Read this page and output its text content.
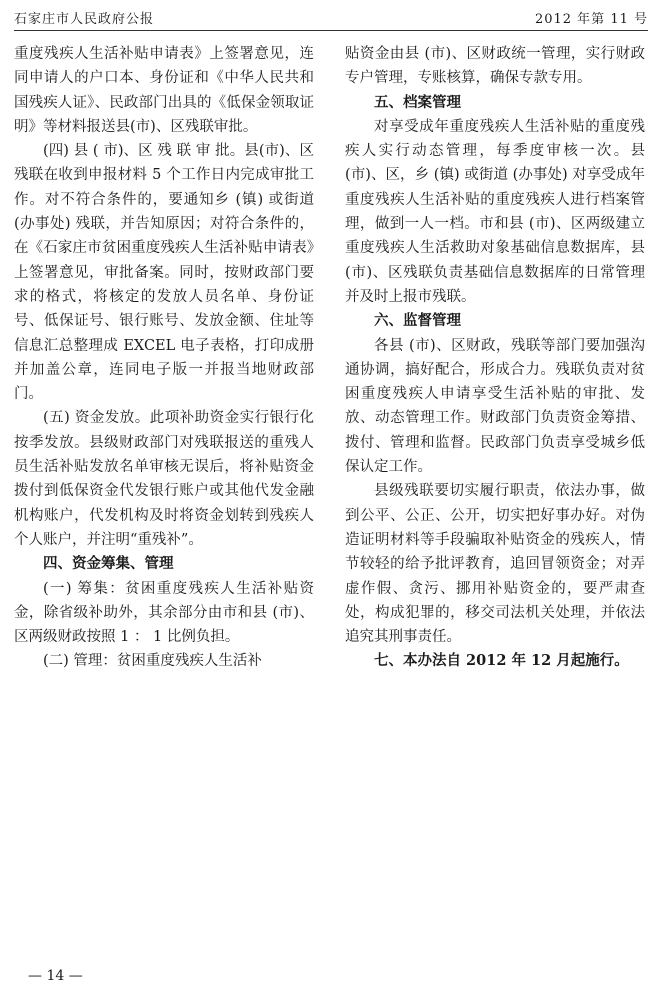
石家庄市人民政府公报	2012 年第 11 号

重度残疾人生活补贴申请表》上签署意见，连同申请人的户口本、身份证和《中华人民共和国残疾人证》、民政部门出具的《低保金领取证明》等材料报送县(市)、区残联审批。

(四) 县 ( 市)、区 残 联 审 批。县(市)、区残联在收到申报材料 5 个工作日内完成审批工作。对不符合条件的，要通知乡 (镇) 或街道 (办事处) 残联，并告知原因；对符合条件的，在《石家庄市贫困重度残疾人生活补贴申请表》上签署意见，审批备案。同时，按财政部门要求的格式，将核定的发放人员名单、身份证号、低保证号、银行账号、发放金额、住址等信息汇总整理成 EXCEL 电子表格，打印成册并加盖公章，连同电子版一并报当地财政部门。

(五) 资金发放。此项补助资金实行银行化按季发放。县级财政部门对残联报送的重残人员生活补贴发放名单审核无误后，将补贴资金拨付到低保资金代发银行账户或其他代发金融机构账户，代发机构及时将资金划转到残疾人个人账户，并注明“重残补”。

四、资金筹集、管理

(一) 筹集：贫困重度残疾人生活补贴资金，除省级补助外，其余部分由市和县 (市)、区两级财政按照 1 ： 1 比例负担。

(二) 管理：贫困重度残疾人生活补

贴资金由县 (市)、区财政统一管理，实行财政专户管理，专账核算，确保专款专用。

五、档案管理

对享受成年重度残疾人生活补贴的重度残疾人实行动态管理，每季度审核一次。县 (市)、区，乡 (镇) 或街道 (办事处) 对享受成年重度残疾人生活补贴的重度残疾人进行档案管理，做到一人一档。市和县 (市)、区两级建立重度残疾人生活救助对象基础信息数据库，县(市)、区残联负责基础信息数据库的日常管理并及时上报市残联。

六、监督管理

各县 (市)、区财政，残联等部门要加强沟通协调，搞好配合，形成合力。残联负责对贫困重度残疾人申请享受生活补贴的审批、发放、动态管理工作。财政部门负责资金筹措、拨付、管理和监督。民政部门负责享受城乡低保认定工作。

县级残联要切实履行职责，依法办事，做到公平、公正、公开，切实把好事办好。对伪造证明材料等手段骗取补贴资金的残疾人，情节较轻的给予批评教育，追回冒领资金；对弄虚作假、贪污、挪用补贴资金的，要严肃查处，构成犯罪的，移交司法机关处理，并依法追究其刑事责任。

七、本办法自 2012 年 12 月起施行。

— 14 —
